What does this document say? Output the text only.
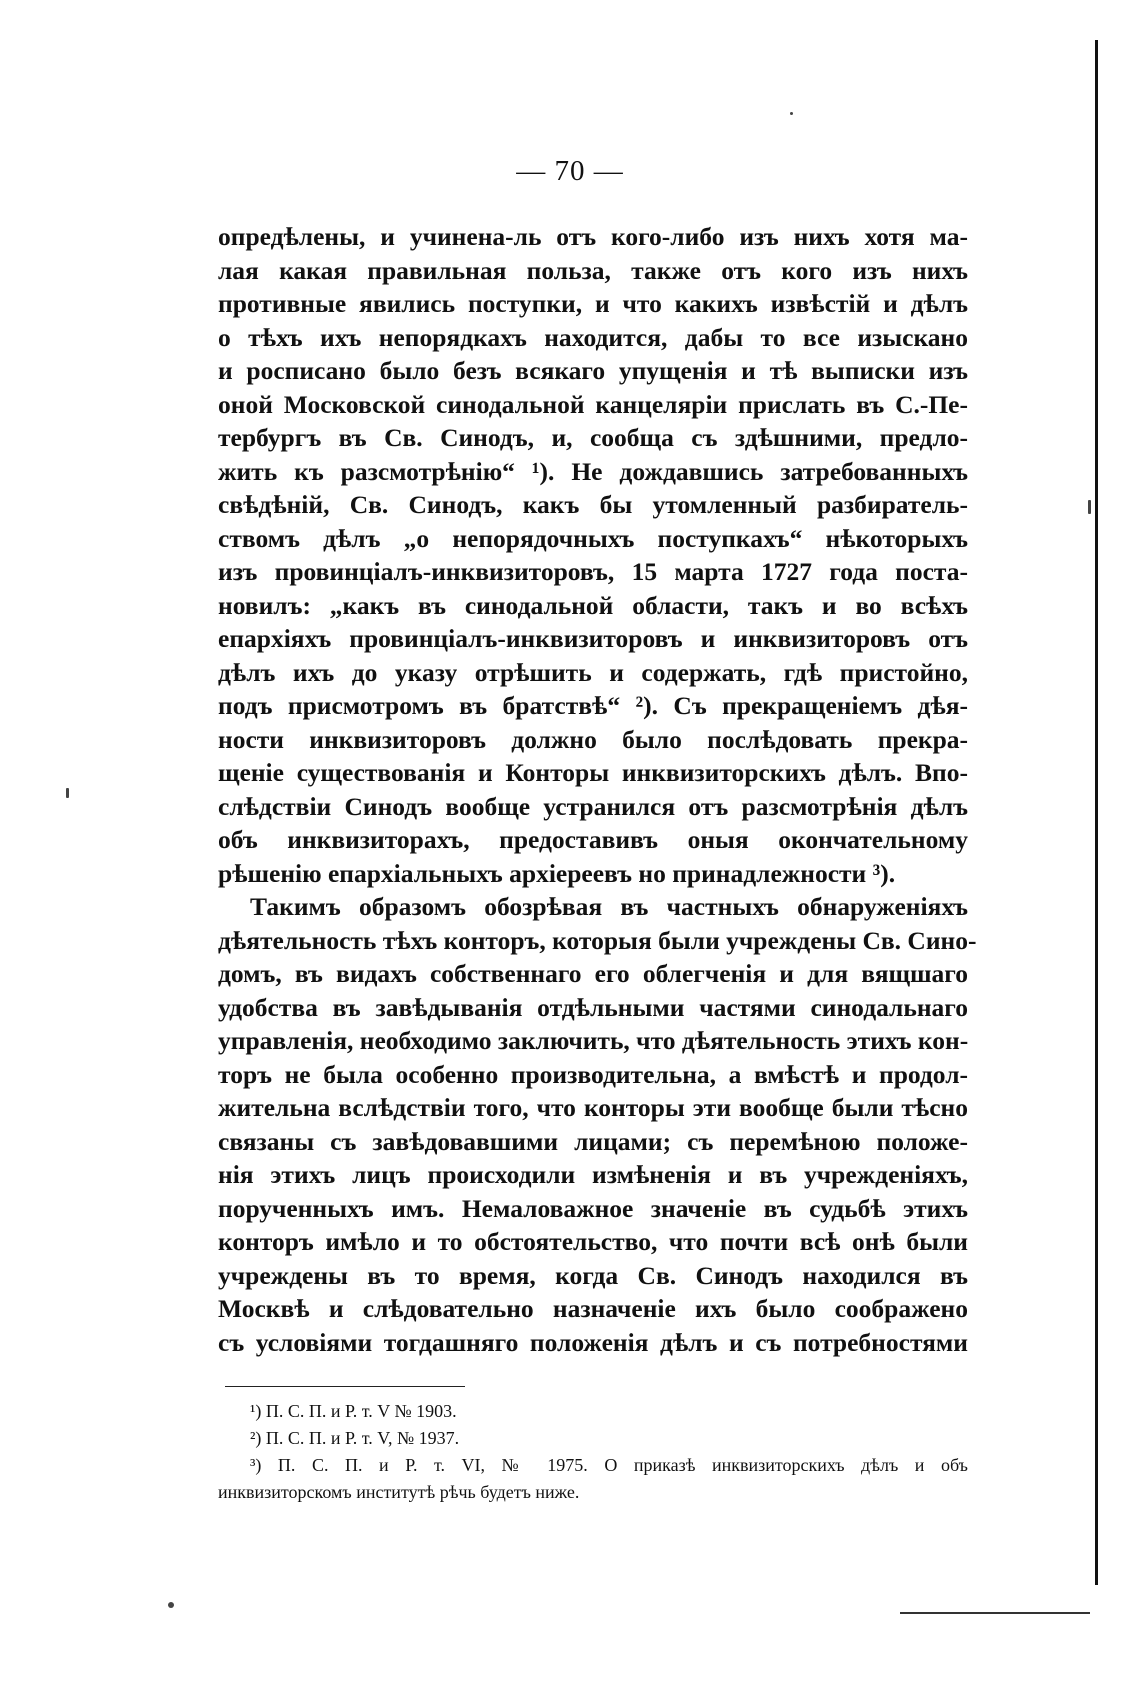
— 70 —
опредѣлены, и учинена-ль отъ кого-либо изъ нихъ хотя ма-
лая какая правильная польза, также отъ кого изъ нихъ
противные явились поступки, и что какихъ извѣстій и дѣлъ
о тѣхъ ихъ непорядкахъ находится, дабы то все изыскано
и росписано было безъ всякаго упущенія и тѣ выписки изъ
оной Московской синодальной канцеляріи прислать въ С.-Пе-
тербургъ въ Св. Синодъ, и, сообща съ здѣшними, предло-
жить къ разсмотрѣнію“ ¹). Не дождавшись затребованныхъ
свѣдѣній, Св. Синодъ, какъ бы утомленный разбиратель-
ствомъ дѣлъ „о непорядочныхъ поступкахъ“ нѣкоторыхъ
изъ провинціалъ-инквизиторовъ, 15 марта 1727 года поста-
новилъ: „какъ въ синодальной области, такъ и во всѣхъ
епархіяхъ провинціалъ-инквизиторовъ и инквизиторовъ отъ
дѣлъ ихъ до указу отрѣшить и содержать, гдѣ пристойно,
подъ присмотромъ въ братствѣ“ ²). Съ прекращеніемъ дѣя-
ности инквизиторовъ должно было послѣдовать прекра-
щеніе существованія и Конторы инквизиторскихъ дѣлъ. Впо-
слѣдствіи Синодъ вообще устранился отъ разсмотрѣнія дѣлъ
объ инквизиторахъ, предоставивъ оныя окончательному
рѣшенію епархіальныхъ архіереевъ но принадлежности ³).
Такимъ образомъ обозрѣвая въ частныхъ обнаруженіяхъ
дѣятельность тѣхъ конторъ, которыя были учреждены Св. Сино-
домъ, въ видахъ собственнаго его облегченія и для вящшаго
удобства въ завѣдыванія отдѣльными частями синодальнаго
управленія, необходимо заключить, что дѣятельность этихъ кон-
торъ не была особенно производительна, а вмѣстѣ и продол-
жительна вслѣдствіи того, что конторы эти вообще были тѣсно
связаны съ завѣдовавшими лицами; съ перемѣною положе-
нія этихъ лицъ происходили измѣненія и въ учрежденіяхъ,
порученныхъ имъ. Немаловажное значеніе въ судьбѣ этихъ
конторъ имѣло и то обстоятельство, что почти всѣ онѣ были
учреждены въ то время, когда Св. Синодъ находился въ
Москвѣ и слѣдовательно назначеніе ихъ было соображено
съ условіями тогдашняго положенія дѣлъ и съ потребностями
¹) П. С. П. и Р. т. V № 1903.
²) П. С. П. и Р. т. V, № 1937.
³) П. С. П. и Р. т. VI, № 1975. О приказѣ инквизиторскихъ дѣлъ и объ
инквизиторскомъ институтѣ рѣчь будетъ ниже.
